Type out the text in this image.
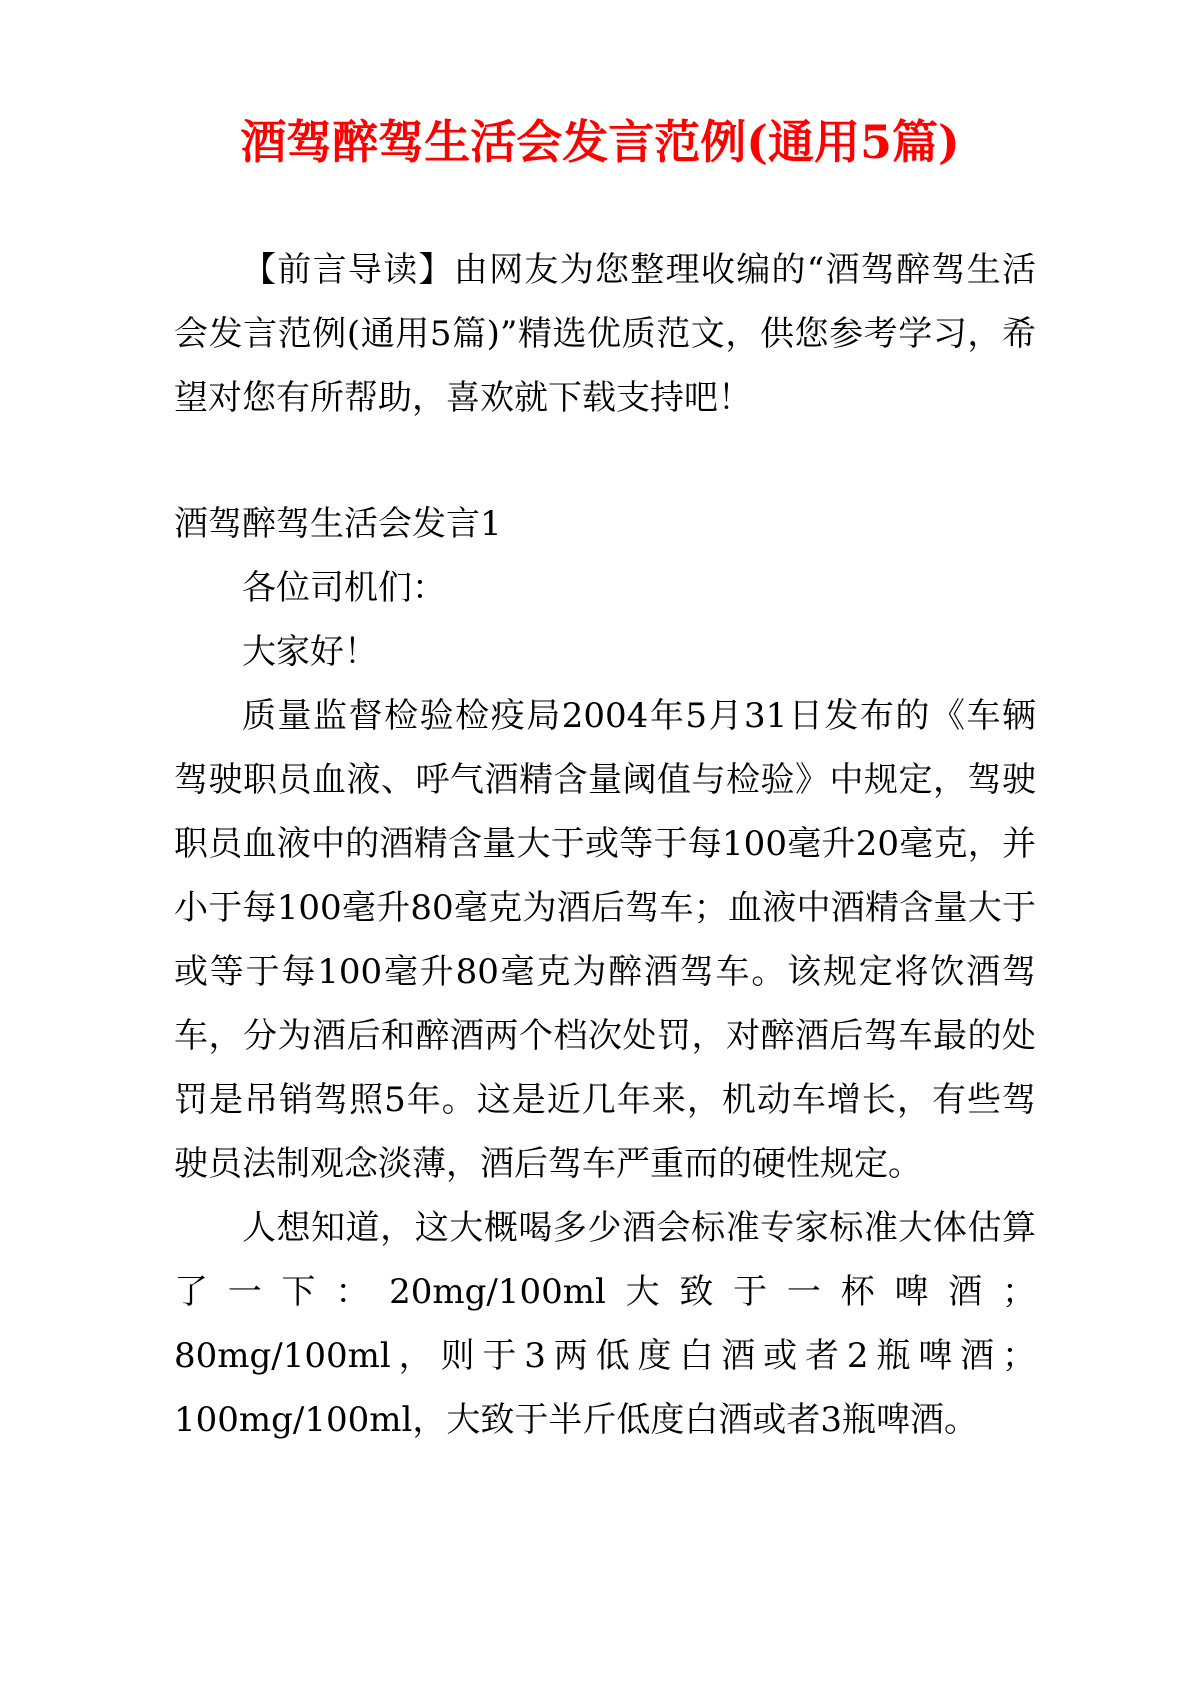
酒驾醉驾生活会发言范例(通用5篇)

【前言导读】由网友为您整理收编的“酒驾醉驾生活会发言范例(通用5篇)”精选优质范文，供您参考学习，希望对您有所帮助，喜欢就下载支持吧！

酒驾醉驾生活会发言1

各位司机们：

大家好！

质量监督检验检疫局2004年5月31日发布的《车辆驾驶职员血液、呼气酒精含量阈值与检验》中规定，驾驶职员血液中的酒精含量大于或等于每100毫升20毫克，并小于每100毫升80毫克为酒后驾车；血液中酒精含量大于或等于每100毫升80毫克为醉酒驾车。该规定将饮酒驾车，分为酒后和醉酒两个档次处罚，对醉酒后驾车最的处罚是吊销驾照5年。这是近几年来，机动车增长，有些驾驶员法制观念淡薄，酒后驾车严重而的硬性规定。

人想知道，这大概喝多少酒会标准专家标准大体估算了一下：20mg/100ml大致于一杯啤酒；80mg/100ml，则于3两低度白酒或者2瓶啤酒；100mg/100ml，大致于半斤低度白酒或者3瓶啤酒。
